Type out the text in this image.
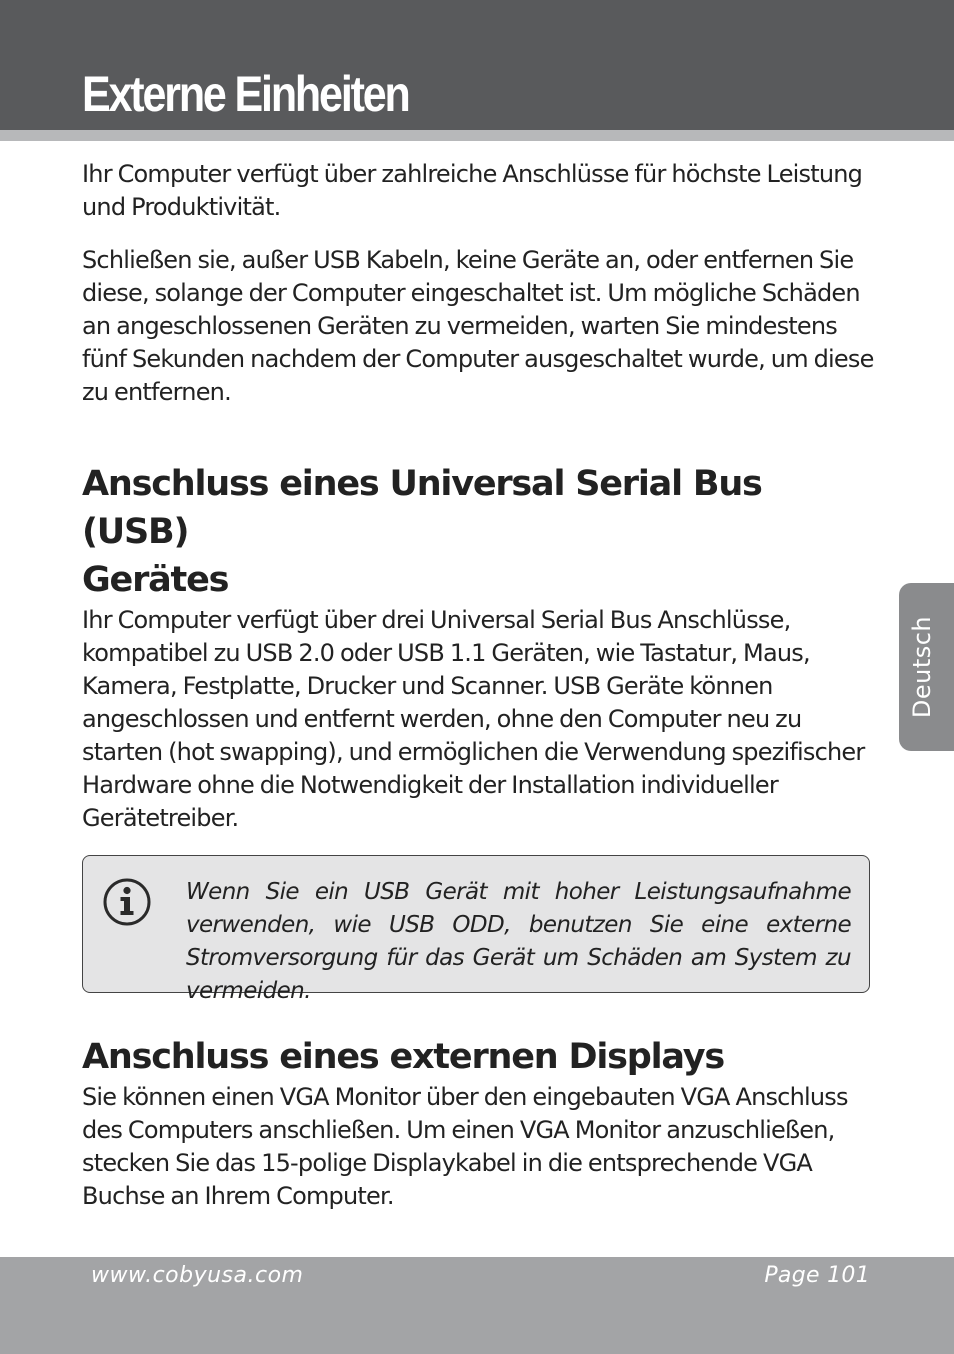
Externe Einheiten

Ihr Computer verfügt über zahlreiche Anschlüsse für höchste Leistung und Produktivität.

Schließen sie, außer USB Kabeln, keine Geräte an, oder entfernen Sie diese, solange der Computer eingeschaltet ist. Um mögliche Schäden an angeschlossenen Geräten zu vermeiden, warten Sie mindestens fünf Sekunden nachdem der Computer ausgeschaltet wurde, um diese zu entfernen.

Anschluss eines Universal Serial Bus (USB)
Gerätes

Ihr Computer verfügt über drei Universal Serial Bus Anschlüsse, kompatibel zu USB 2.0 oder USB 1.1 Geräten, wie Tastatur, Maus, Kamera, Festplatte, Drucker und Scanner. USB Geräte können angeschlossen und entfernt werden, ohne den Computer neu zu starten (hot swapping), und ermöglichen die Verwendung spezifischer Hardware ohne die Notwendigkeit der Installation individueller Gerätetreiber.

Wenn Sie ein USB Gerät mit hoher Leistungsaufnahme verwenden, wie USB ODD, benutzen Sie eine externe Stromversorgung für das Gerät um Schäden am System zu vermeiden.

Anschluss eines externen Displays

Sie können einen VGA Monitor über den eingebauten VGA Anschluss des Computers anschließen. Um einen VGA Monitor anzuschließen, stecken Sie das 15-polige Displaykabel in die entsprechende VGA Buchse an Ihrem Computer.

Deutsch
www.cobyusa.com	Page 101
